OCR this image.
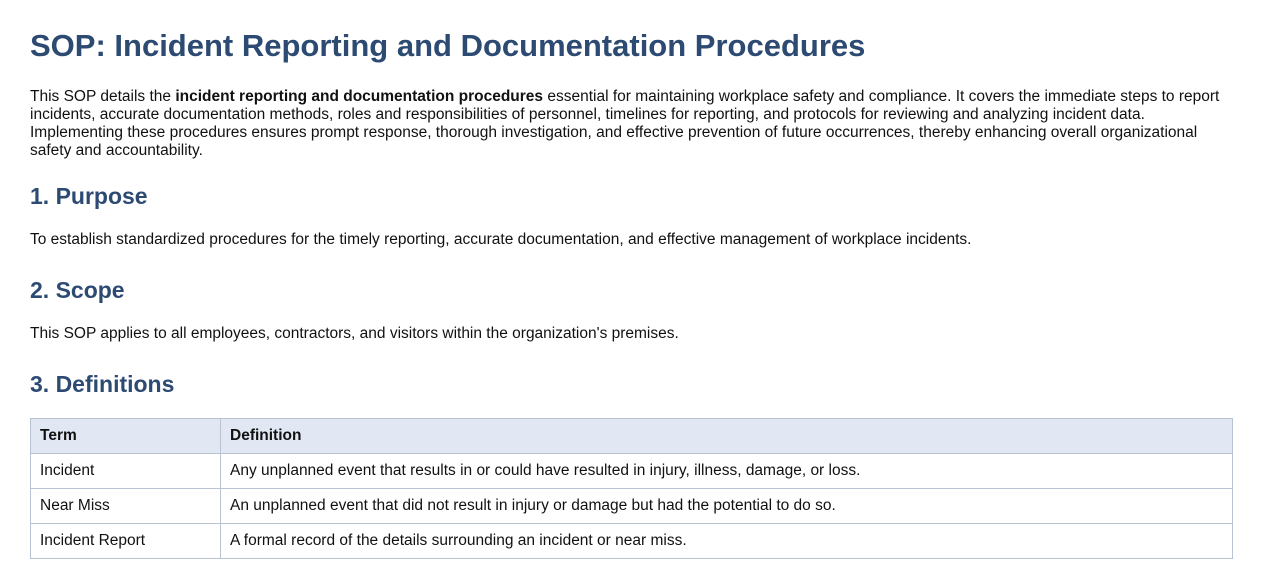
SOP: Incident Reporting and Documentation Procedures

This SOP details the incident reporting and documentation procedures essential for maintaining workplace safety and compliance. It covers the immediate steps to report incidents, accurate documentation methods, roles and responsibilities of personnel, timelines for reporting, and protocols for reviewing and analyzing incident data. Implementing these procedures ensures prompt response, thorough investigation, and effective prevention of future occurrences, thereby enhancing overall organizational safety and accountability.

1. Purpose

To establish standardized procedures for the timely reporting, accurate documentation, and effective management of workplace incidents.

2. Scope

This SOP applies to all employees, contractors, and visitors within the organization's premises.

3. Definitions
Term	Definition
Incident	Any unplanned event that results in or could have resulted in injury, illness, damage, or loss.
Near Miss	An unplanned event that did not result in injury or damage but had the potential to do so.
Incident Report	A formal record of the details surrounding an incident or near miss.
